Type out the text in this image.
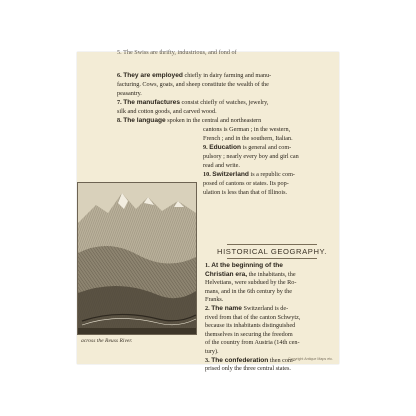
5. The Swiss are thrifty, industrious, and fond of
6. They are employed chiefly in dairy farming and manu-
facturing. Cows, goats, and sheep constitute the wealth of the
peasantry.
7. The manufactures consist chiefly of watches, jewelry,
silk and cotton goods, and carved wood.
8. The language spoken in the central and northeastern
cantons is German ; in the western,
French ; and in the southern, Italian.
9. Education is general and com-
pulsory ; nearly every boy and girl can
read and write.
10. Switzerland is a republic com-
posed of cantons or states. Its pop-
ulation is less than that of Illinois.
HISTORICAL GEOGRAPHY.
1. At the beginning of the
Christian era, the inhabitants, the
Helvetians, were subdued by the Ro-
mans, and in the 6th century by the
Franks.
2. The name Switzerland is de-
rived from that of the canton Schwytz,
because its inhabitants distinguished
themselves in securing the freedom
of the country from Austria (14th cen-
tury).
3. The confederation then com-
prised only the three central states.
across the Reuss River.
Copyright Antique Maps etc.
